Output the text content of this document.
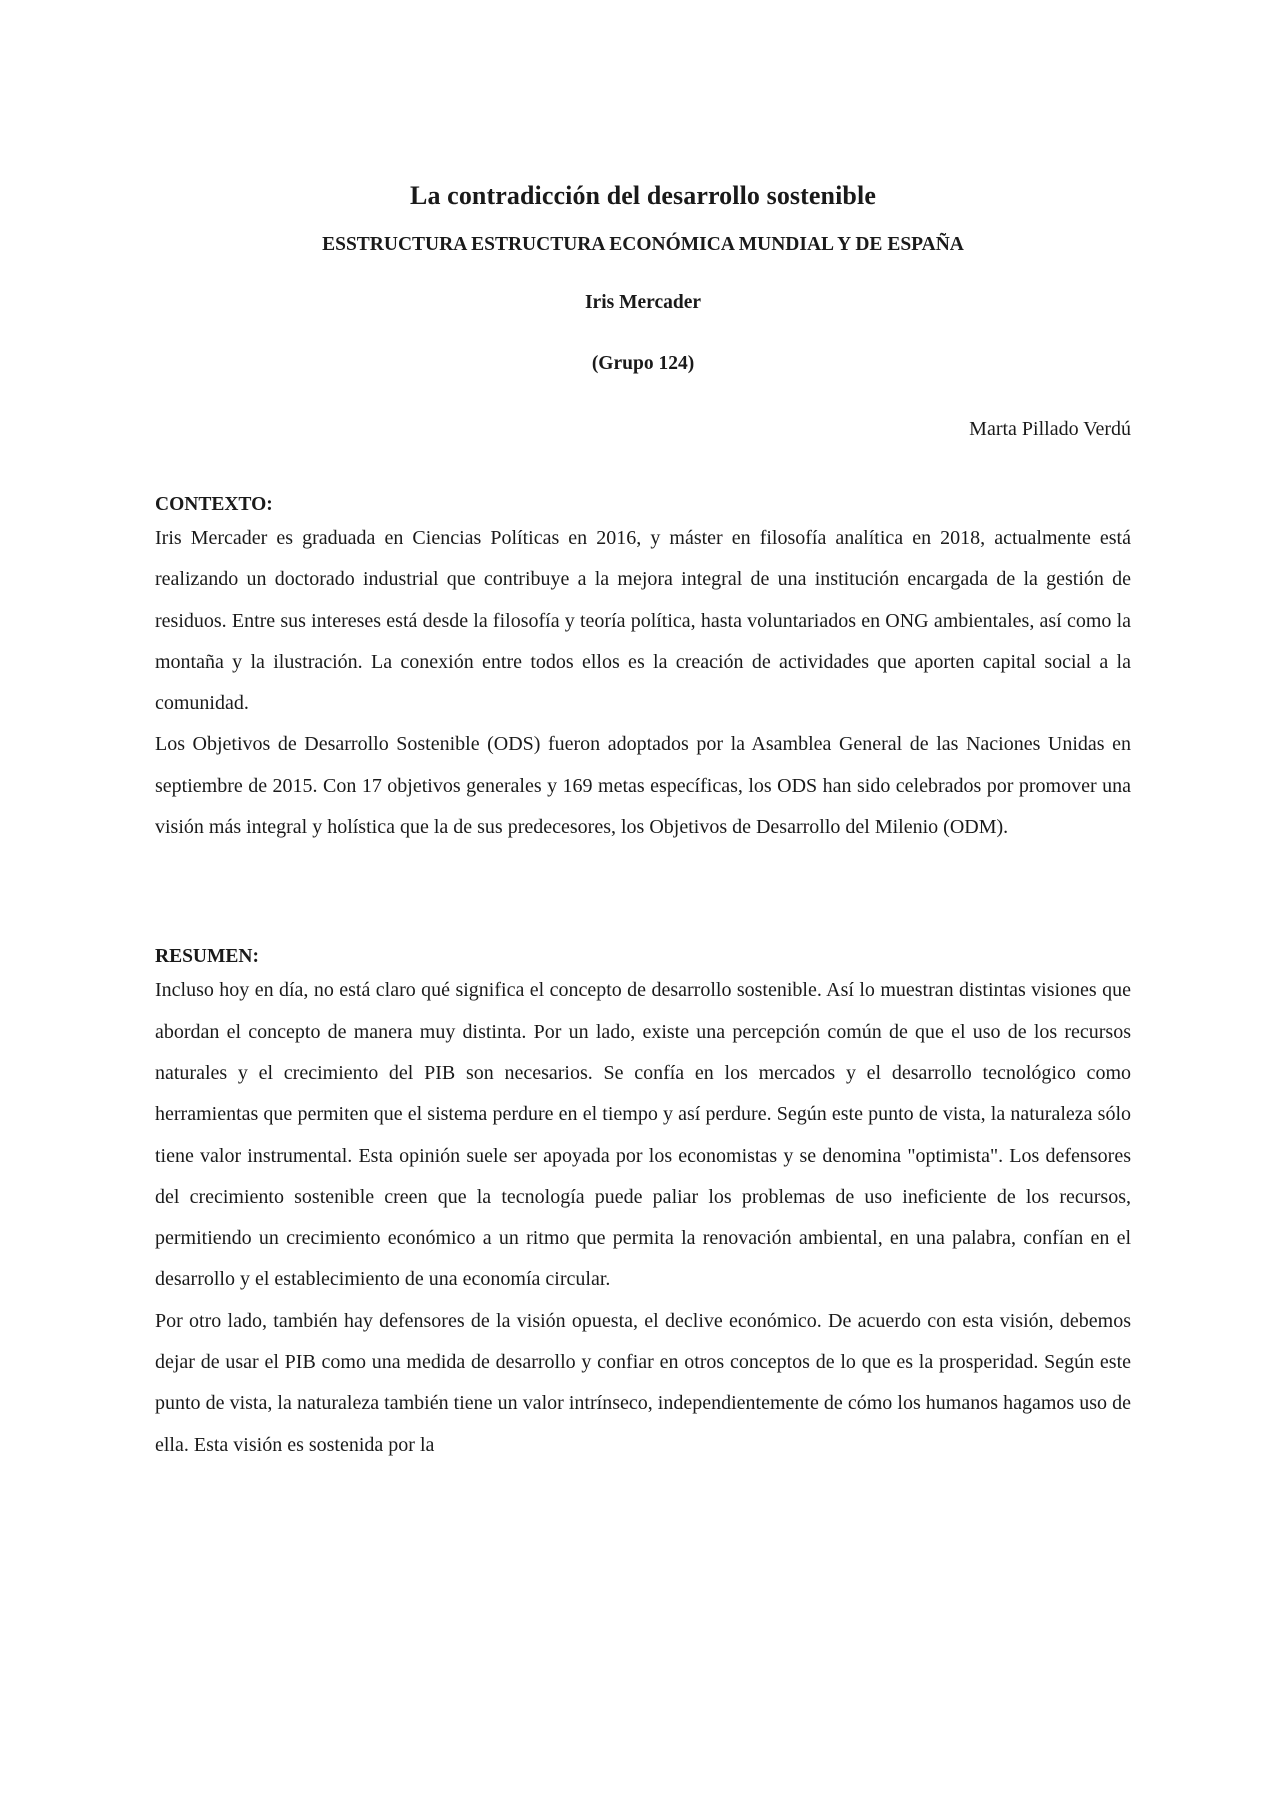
La contradicción del desarrollo sostenible
ESSTRUCTURA ESTRUCTURA ECONÓMICA MUNDIAL Y DE ESPAÑA
Iris Mercader
(Grupo 124)
Marta Pillado Verdú
CONTEXTO:

Iris Mercader es graduada en Ciencias Políticas en 2016, y máster en filosofía analítica en 2018, actualmente está realizando un doctorado industrial que contribuye a la mejora integral de una institución encargada de la gestión de residuos. Entre sus intereses está desde la filosofía y teoría política, hasta voluntariados en ONG ambientales, así como la montaña y la ilustración. La conexión entre todos ellos es la creación de actividades que aporten capital social a la comunidad.

Los Objetivos de Desarrollo Sostenible (ODS) fueron adoptados por la Asamblea General de las Naciones Unidas en septiembre de 2015. Con 17 objetivos generales y 169 metas específicas, los ODS han sido celebrados por promover una visión más integral y holística que la de sus predecesores, los Objetivos de Desarrollo del Milenio (ODM).

RESUMEN:

Incluso hoy en día, no está claro qué significa el concepto de desarrollo sostenible. Así lo muestran distintas visiones que abordan el concepto de manera muy distinta. Por un lado, existe una percepción común de que el uso de los recursos naturales y el crecimiento del PIB son necesarios. Se confía en los mercados y el desarrollo tecnológico como herramientas que permiten que el sistema perdure en el tiempo y así perdure. Según este punto de vista, la naturaleza sólo tiene valor instrumental. Esta opinión suele ser apoyada por los economistas y se denomina "optimista". Los defensores del crecimiento sostenible creen que la tecnología puede paliar los problemas de uso ineficiente de los recursos, permitiendo un crecimiento económico a un ritmo que permita la renovación ambiental, en una palabra, confían en el desarrollo y el establecimiento de una economía circular.

Por otro lado, también hay defensores de la visión opuesta, el declive económico. De acuerdo con esta visión, debemos dejar de usar el PIB como una medida de desarrollo y confiar en otros conceptos de lo que es la prosperidad. Según este punto de vista, la naturaleza también tiene un valor intrínseco, independientemente de cómo los humanos hagamos uso de ella. Esta visión es sostenida por la
